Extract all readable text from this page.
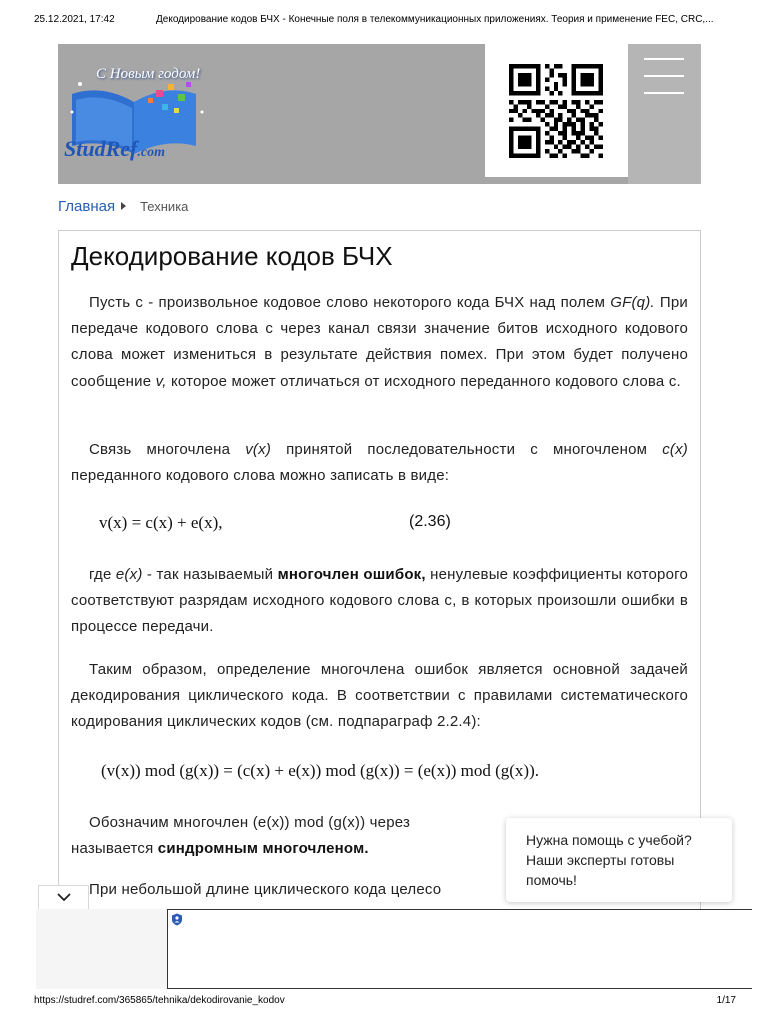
25.12.2021, 17:42	Декодирование кодов БЧХ - Конечные поля в телекоммуникационных приложениях. Теория и применение FEC, CRC,...
С Новым годом!
StudRef.com
Главная Техника
Декодирование кодов БЧХ

Пусть c - произвольное кодовое слово некоторого кода БЧХ над полем GF(q). При передаче кодового слова c через канал связи значение битов исходного кодового слова может измениться в результате действия помех. При этом будет получено сообщение v, которое может отличаться от исходного переданного кодового слова c.

Связь многочлена v(x) принятой последовательности с многочленом c(x) переданного кодового слова можно записать в виде:

v(x) = c(x) + e(x),	(2.36)

где e(x) - так называемый многочлен ошибок, ненулевые коэффициенты которого соответствуют разрядам исходного кодового слова c, в которых произошли ошибки в процессе передачи.

Таким образом, определение многочлена ошибок является основной задачей декодирования циклического кода. В соответствии с правилами систематического кодирования циклических кодов (см. подпараграф 2.2.4):

(v(x)) mod (g(x)) = (c(x) + e(x)) mod (g(x)) = (e(x)) mod (g(x)).

Обозначим многочлен (e(x)) mod (g(x)) через

называется синдромным многочленом.

При небольшой длине циклического кода целесо

Нужна помощь с учебой? Наши эксперты готовы помочь!
https://studref.com/365865/tehnika/dekodirovanie_kodov	1/17
